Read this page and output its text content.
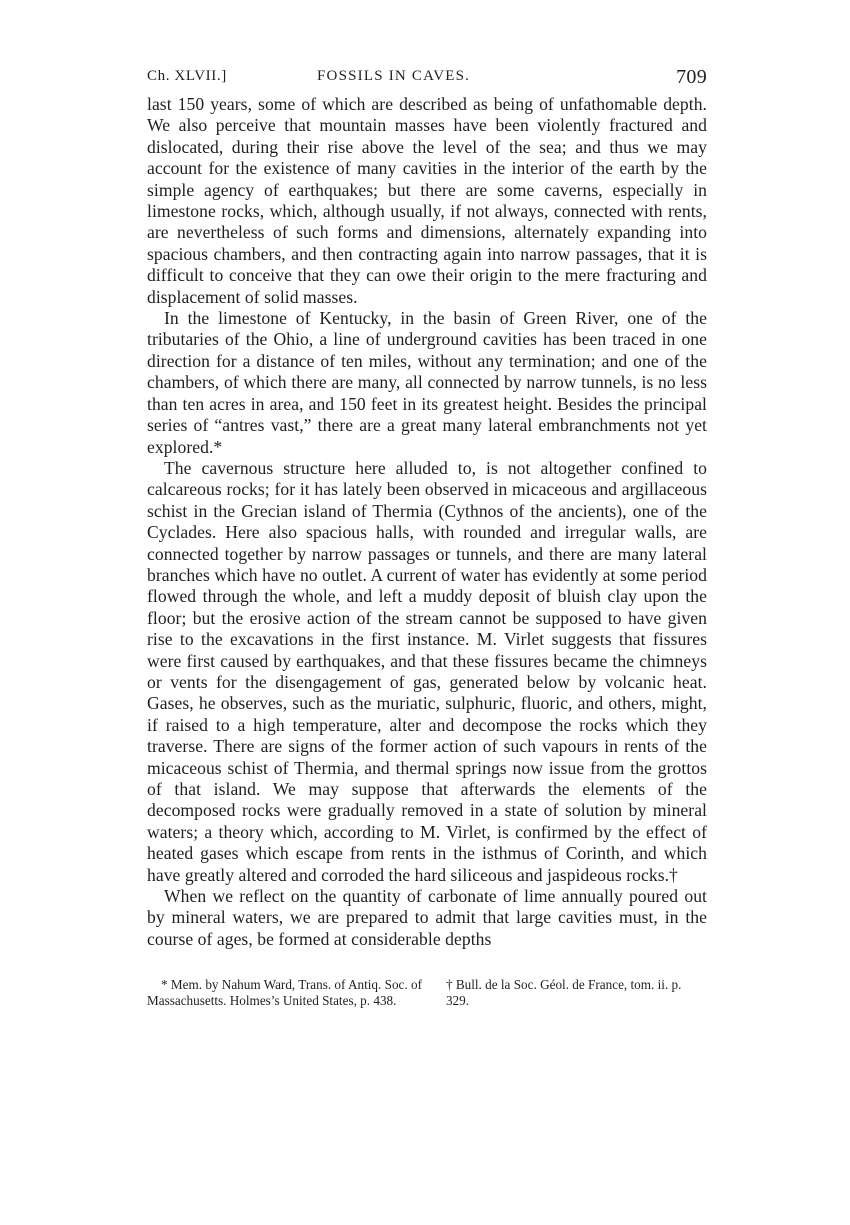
Ch. XLVII.]	FOSSILS IN CAVES.	709

last 150 years, some of which are described as being of unfathomable depth. We also perceive that mountain masses have been violently fractured and dislocated, during their rise above the level of the sea; and thus we may account for the existence of many cavities in the interior of the earth by the simple agency of earthquakes; but there are some caverns, especially in limestone rocks, which, although usually, if not always, connected with rents, are nevertheless of such forms and dimensions, alternately expanding into spacious chambers, and then contracting again into narrow passages, that it is difficult to conceive that they can owe their origin to the mere fracturing and displacement of solid masses.

In the limestone of Kentucky, in the basin of Green River, one of the tributaries of the Ohio, a line of underground cavities has been traced in one direction for a distance of ten miles, without any termination; and one of the chambers, of which there are many, all connected by narrow tunnels, is no less than ten acres in area, and 150 feet in its greatest height. Besides the principal series of “antres vast,” there are a great many lateral embranchments not yet explored.*

The cavernous structure here alluded to, is not altogether confined to calcareous rocks; for it has lately been observed in micaceous and argillaceous schist in the Grecian island of Thermia (Cythnos of the ancients), one of the Cyclades. Here also spacious halls, with rounded and irregular walls, are connected together by narrow passages or tunnels, and there are many lateral branches which have no outlet. A current of water has evidently at some period flowed through the whole, and left a muddy deposit of bluish clay upon the floor; but the erosive action of the stream cannot be supposed to have given rise to the excavations in the first instance. M. Virlet suggests that fissures were first caused by earthquakes, and that these fissures became the chimneys or vents for the disengagement of gas, generated below by volcanic heat. Gases, he observes, such as the muriatic, sulphuric, fluoric, and others, might, if raised to a high temperature, alter and decompose the rocks which they traverse. There are signs of the former action of such vapours in rents of the micaceous schist of Thermia, and thermal springs now issue from the grottos of that island. We may suppose that afterwards the elements of the decomposed rocks were gradually removed in a state of solution by mineral waters; a theory which, according to M. Virlet, is confirmed by the effect of heated gases which escape from rents in the isthmus of Corinth, and which have greatly altered and corroded the hard siliceous and jaspideous rocks.†

When we reflect on the quantity of carbonate of lime annually poured out by mineral waters, we are prepared to admit that large cavities must, in the course of ages, be formed at considerable depths

* Mem. by Nahum Ward, Trans. of Antiq. Soc. of Massachusetts. Holmes’s United States, p. 438.
† Bull. de la Soc. Géol. de France, tom. ii. p. 329.
